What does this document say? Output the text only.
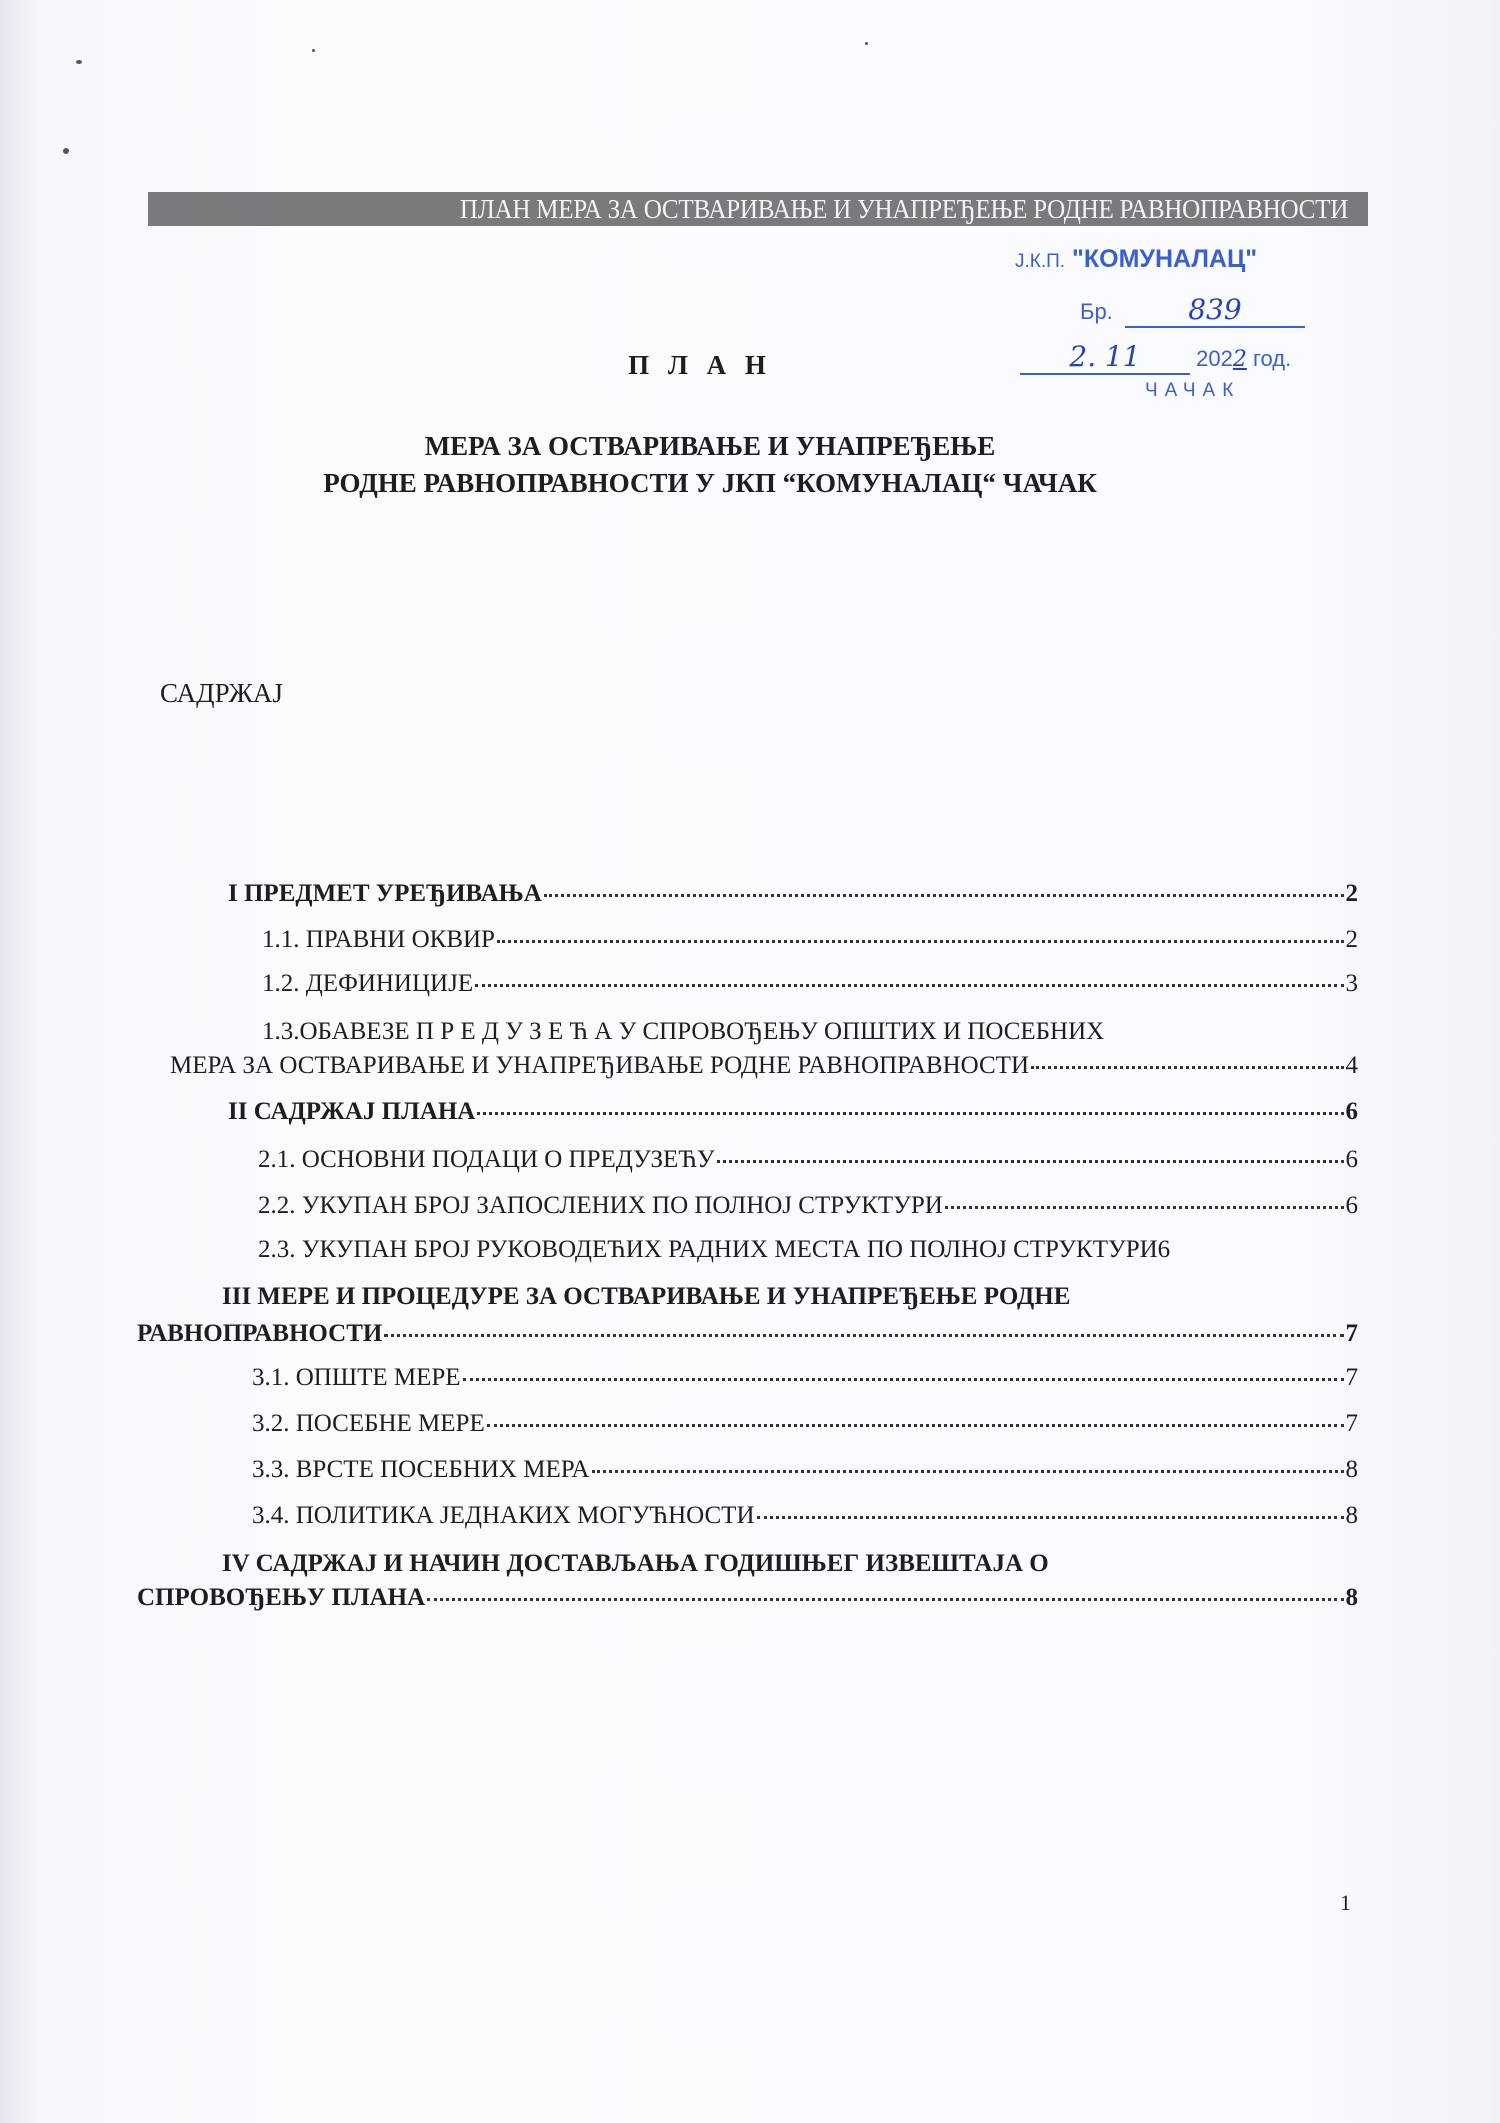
ПЛАН МЕРА ЗА ОСТВАРИВАЊЕ И УНАПРЕЂЕЊЕ РОДНЕ РАВНОПРАВНОСТИ
Ј.К.П. "КОМУНАЛАЦ"
Бр.	839
2. 11	2022 год.
ЧАЧАК
П Л А Н
МЕРА ЗА ОСТВАРИВАЊЕ И УНАПРЕЂЕЊЕ
РОДНЕ РАВНОПРАВНОСТИ У ЈКП “КОМУНАЛАЦ“ ЧАЧАК
САДРЖАЈ
I ПРЕДМЕТ УРЕЂИВАЊА	2
1.1. ПРАВНИ ОКВИР	2
1.2. ДЕФИНИЦИЈЕ	3
1.3.ОБАВЕЗЕ П Р Е Д У З Е Ћ А У СПРОВОЂЕЊУ ОПШТИХ И ПОСЕБНИХ
МЕРА ЗА ОСТВАРИВАЊЕ И УНАПРЕЂИВАЊЕ РОДНЕ РАВНОПРАВНОСТИ	4
II САДРЖАЈ ПЛАНА	6
2.1. ОСНОВНИ ПОДАЦИ О ПРЕДУЗЕЋУ	6
2.2. УКУПАН БРОЈ ЗАПОСЛЕНИХ ПО ПОЛНОЈ СТРУКТУРИ	6
2.3. УКУПАН БРОЈ РУКОВОДЕЋИХ РАДНИХ МЕСТА ПО ПОЛНОЈ СТРУКТУРИ 6
III МЕРЕ И ПРОЦЕДУРЕ ЗА ОСТВАРИВАЊЕ И УНАПРЕЂЕЊЕ РОДНЕ
РАВНОПРАВНОСТИ	7
3.1. ОПШТЕ МЕРЕ	7
3.2. ПОСЕБНЕ МЕРЕ	7
3.3. ВРСТЕ ПОСЕБНИХ МЕРА	8
3.4. ПОЛИТИКА ЈЕДНАКИХ МОГУЋНОСТИ	8
IV САДРЖАЈ И НАЧИН ДОСТАВЉАЊА ГОДИШЊЕГ ИЗВЕШТАЈА О
СПРОВОЂЕЊУ ПЛАНА	8
1
